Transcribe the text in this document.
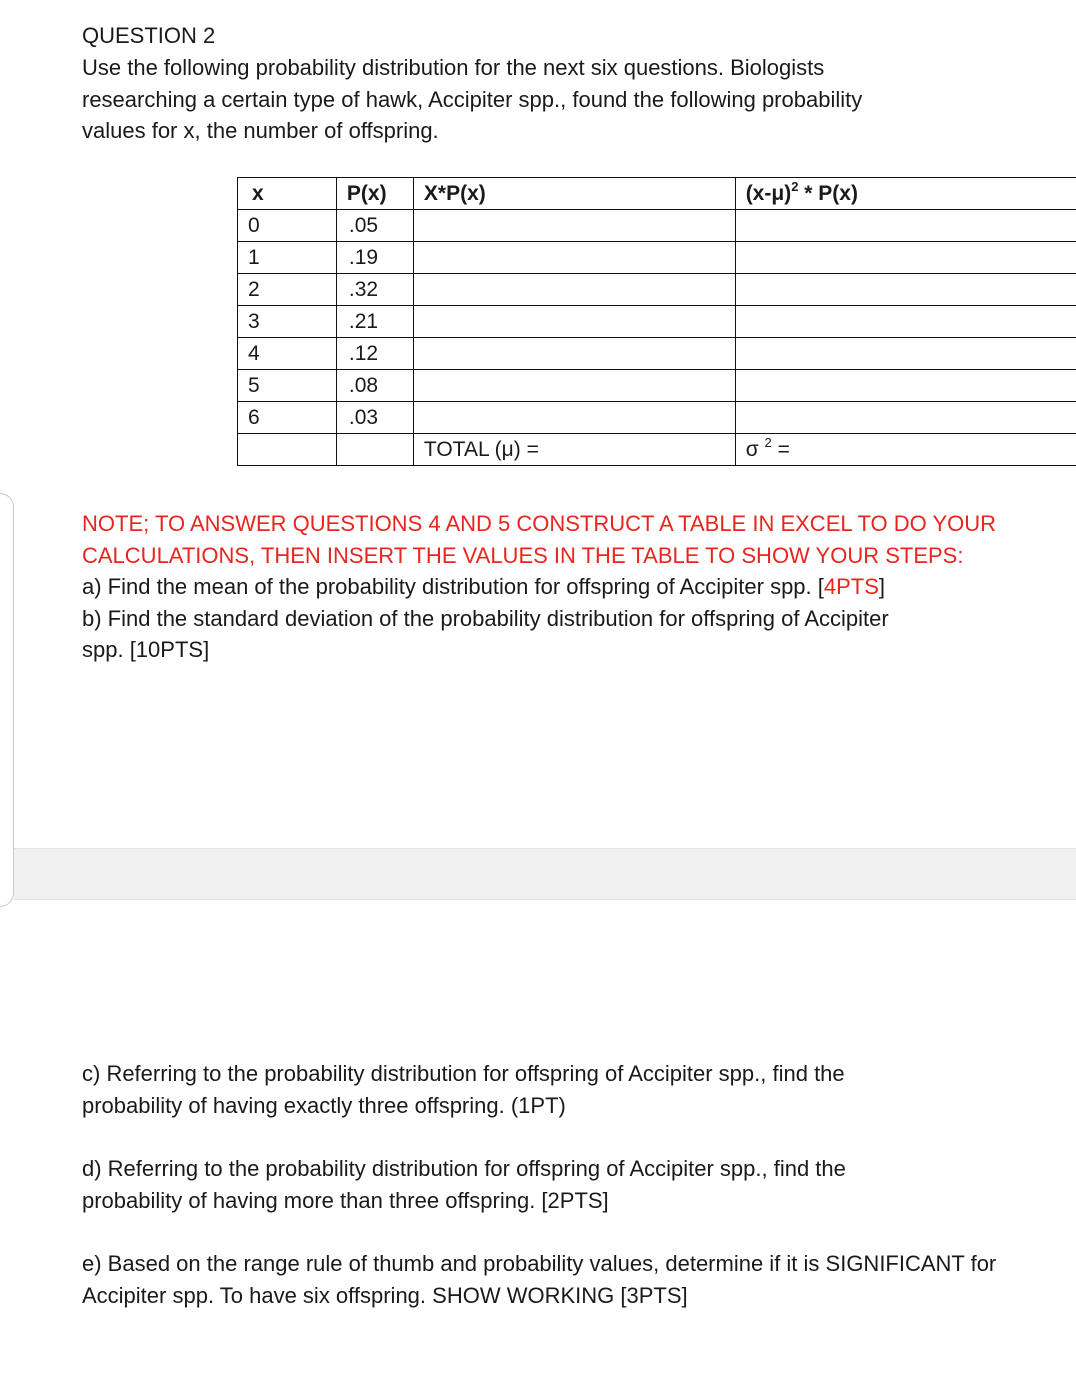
QUESTION 2

Use the following probability distribution for the next six questions. Biologists
researching a certain type of hawk, Accipiter spp., found the following probability
values for x, the number of offspring.

x	P(x)	X*P(x)	$(x-\mu)^2 * P(x)$
0	.05		
1	.19		
2	.32		
3	.21		
4	.12		
5	.08		
6	.03		
		TOTAL (μ) =	σ $^2$ =

NOTE; TO ANSWER QUESTIONS 4 AND 5 CONSTRUCT A TABLE IN EXCEL TO DO YOUR
CALCULATIONS, THEN INSERT THE VALUES IN THE TABLE TO SHOW YOUR STEPS:
a) Find the mean of the probability distribution for offspring of Accipiter spp. [4PTS]
b) Find the standard deviation of the probability distribution for offspring of Accipiter
spp. [10PTS]

c) Referring to the probability distribution for offspring of Accipiter spp., find the
probability of having exactly three offspring. (1PT)

d) Referring to the probability distribution for offspring of Accipiter spp., find the
probability of having more than three offspring. [2PTS]

e) Based on the range rule of thumb and probability values, determine if it is SIGNIFICANT for
Accipiter spp. To have six offspring. SHOW WORKING [3PTS]
